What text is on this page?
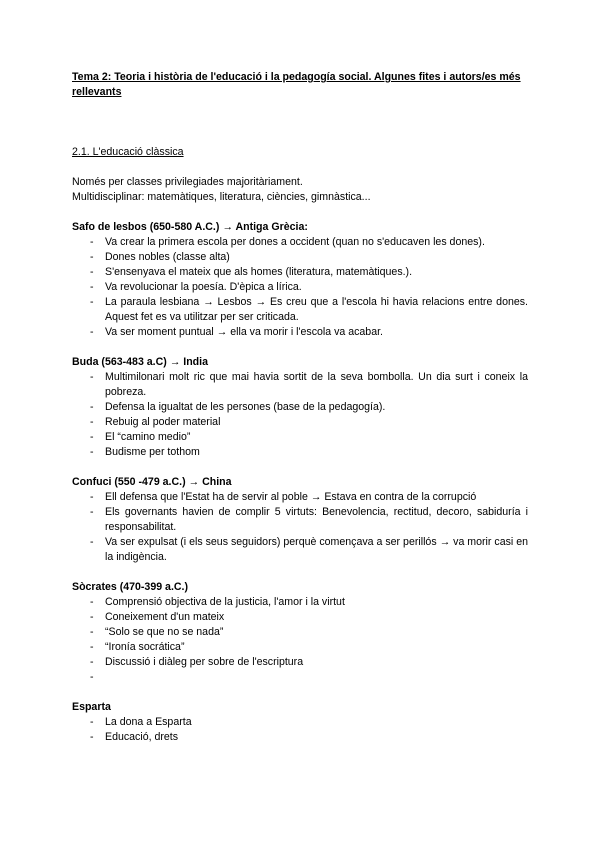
Tema 2: Teoria i història de l'educació i la pedagogía social. Algunes fites i autors/es més rellevants
2.1. L'educació clàssica
Només per classes privilegiades majoritàriament.
Multidisciplinar: matemàtiques, literatura, ciències, gimnàstica...
Safo de lesbos (650-580 A.C.) → Antiga Grècia:
- Va crear la primera escola per dones a occident (quan no s'educaven les dones).
- Dones nobles (classe alta)
- S'ensenyava el mateix que als homes (literatura, matemàtiques.).
- Va revolucionar la poesía. D'èpica a lírica.
- La paraula lesbiana → Lesbos → Es creu que a l'escola hi havia relacions entre dones. Aquest fet es va utilitzar per ser criticada.
- Va ser moment puntual → ella va morir i l'escola va acabar.
Buda (563-483 a.C) → India
- Multimilonari molt ric que mai havia sortit de la seva bombolla. Un dia surt i coneix la pobreza.
- Defensa la igualtat de les persones (base de la pedagogía).
- Rebuig al poder material
- El “camino medio”
- Budisme per tothom
Confuci (550 -479 a.C.) → China
- Ell defensa que l'Estat ha de servir al poble → Estava en contra de la corrupció
- Els governants havien de complir 5 virtuts: Benevolencia, rectitud, decoro, sabiduría i responsabilitat.
- Va ser expulsat (i els seus seguidors) perquè començava a ser perillós → va morir casi en la indigència.
Sòcrates (470-399 a.C.)
- Comprensió objectiva de la justicia, l'amor i la virtut
- Coneixement d'un mateix
- “Solo se que no se nada”
- “Ironía socrática”
- Discussió i diàleg per sobre de l'escriptura
-
Esparta
- La dona a Esparta
- Educació, drets
